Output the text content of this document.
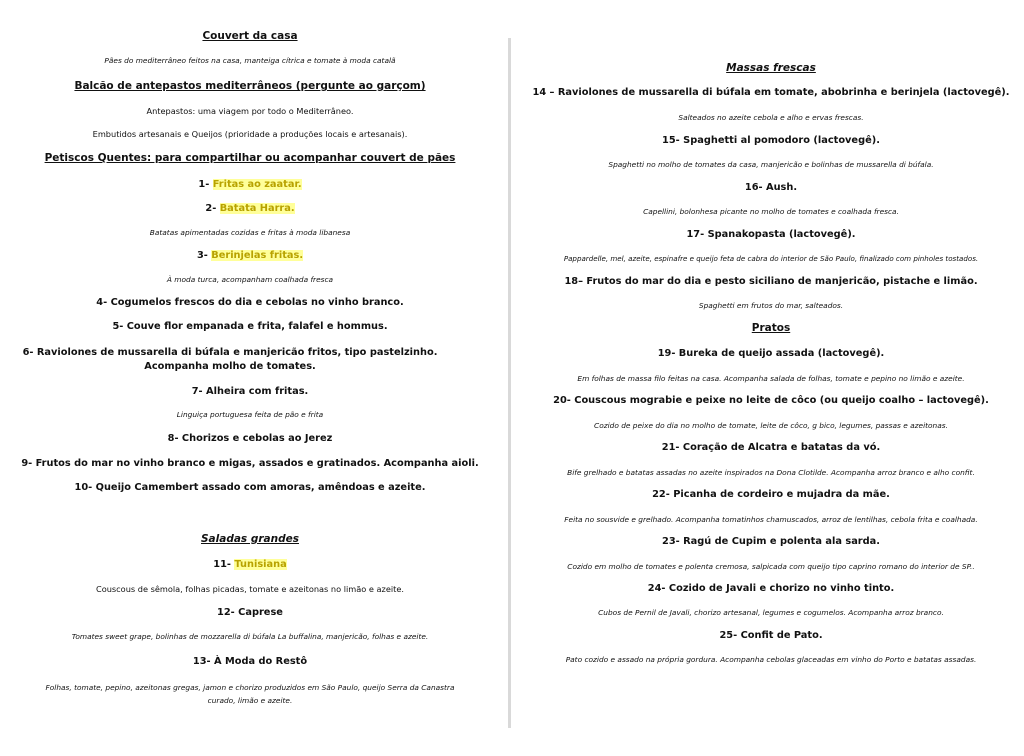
Couvert da casa
Pães do mediterrâneo feitos na casa, manteiga cítrica e tomate à moda catalã
Balcão de antepastos mediterrâneos (pergunte ao garçom)
Antepastos: uma viagem por todo o Mediterrâneo.
Embutidos artesanais e Queijos (prioridade a produções locais e artesanais).
Petiscos Quentes: para compartilhar ou acompanhar couvert de pães
1- Fritas ao zaatar.
2- Batata Harra.
Batatas apimentadas cozidas e fritas à moda libanesa
3- Berinjelas fritas.
À moda turca, acompanham coalhada fresca
4- Cogumelos frescos do dia e cebolas no vinho branco.
5- Couve flor empanada e frita, falafel e hommus.
6- Raviolones de mussarella di búfala e manjericão fritos, tipo pastelzinho. Acompanha molho de tomates.
7- Alheira com fritas.
Linguiça portuguesa feita de pão e frita
8- Chorizos e cebolas ao Jerez
9- Frutos do mar no vinho branco e migas, assados e gratinados. Acompanha aioli.
10- Queijo Camembert assado com amoras, amêndoas e azeite.
Saladas grandes
11- Tunisiana
Couscous de sêmola, folhas picadas, tomate e azeitonas no limão e azeite.
12- Caprese
Tomates sweet grape, bolinhas de mozzarella di búfala La buffalina, manjericão, folhas e azeite.
13- À Moda do Restô
Folhas, tomate, pepino, azeitonas gregas, jamon e chorizo produzidos em São Paulo, queijo Serra da Canastra curado, limão e azeite.
Massas frescas
14 – Raviolones de mussarella di búfala em tomate, abobrinha e berinjela (lactovegê).
Salteados no azeite cebola e alho e ervas frescas.
15- Spaghetti al pomodoro (lactovegê).
Spaghetti no molho de tomates da casa, manjericão e bolinhas de mussarella di búfala.
16- Aush.
Capellini, bolonhesa picante no molho de tomates e coalhada fresca.
17- Spanakopasta (lactovegê).
Pappardelle, mel, azeite, espinafre e queijo feta de cabra do interior de São Paulo, finalizado com pinholes tostados.
18– Frutos do mar do dia e pesto siciliano de manjericão, pistache e limão.
Spaghetti em frutos do mar, salteados.
Pratos
19- Bureka de queijo assada (lactovegê).
Em folhas de massa filo feitas na casa. Acompanha salada de folhas, tomate e pepino no limão e azeite.
20- Couscous mograbie e peixe no leite de côco (ou queijo coalho – lactovegê).
Cozido de peixe do dia no molho de tomate, leite de côco, g bico, legumes, passas e azeitonas.
21- Coração de Alcatra e batatas da vó.
Bife grelhado e batatas assadas no azeite inspirados na Dona Clotilde. Acompanha arroz branco e alho confit.
22- Picanha de cordeiro e mujadra da mãe.
Feita no sousvide e grelhado. Acompanha tomatinhos chamuscados, arroz de lentilhas, cebola frita e coalhada.
23- Ragú de Cupim e polenta ala sarda.
Cozido em molho de tomates e polenta cremosa, salpicada com queijo tipo caprino romano do interior de SP..
24- Cozido de Javali e chorizo no vinho tinto.
Cubos de Pernil de Javali, chorizo artesanal, legumes e cogumelos. Acompanha arroz branco.
25- Confit de Pato.
Pato cozido e assado na própria gordura. Acompanha cebolas glaceadas em vinho do Porto e batatas assadas.
